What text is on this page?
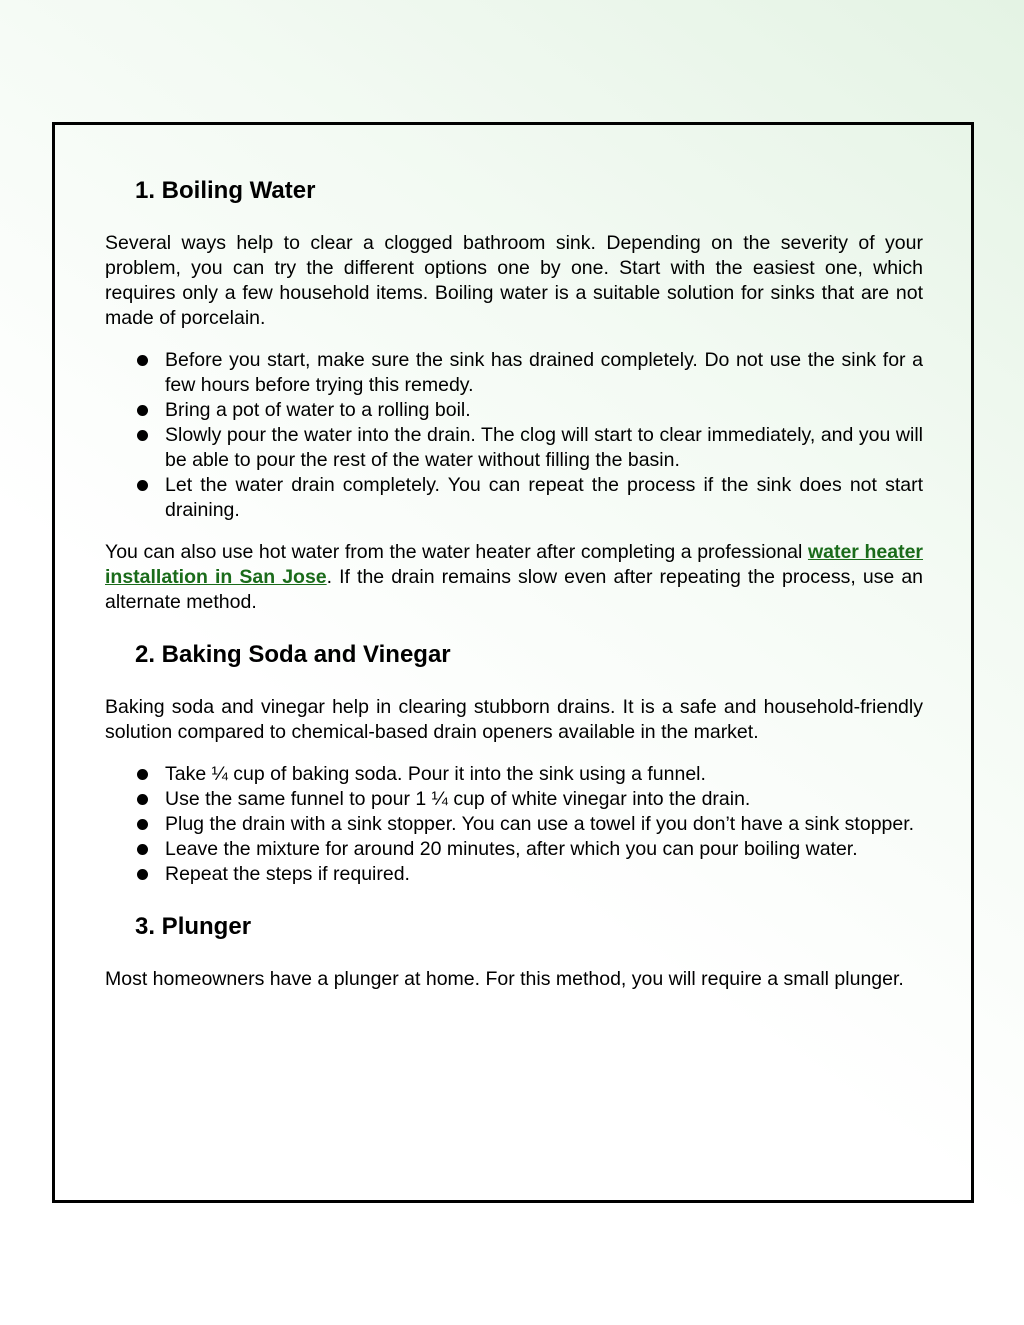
1. Boiling Water

Several ways help to clear a clogged bathroom sink. Depending on the severity of your problem, you can try the different options one by one. Start with the easiest one, which requires only a few household items. Boiling water is a suitable solution for sinks that are not made of porcelain.

Before you start, make sure the sink has drained completely. Do not use the sink for a few hours before trying this remedy.
Bring a pot of water to a rolling boil.
Slowly pour the water into the drain. The clog will start to clear immediately, and you will be able to pour the rest of the water without filling the basin.
Let the water drain completely. You can repeat the process if the sink does not start draining.

You can also use hot water from the water heater after completing a professional water heater installation in San Jose. If the drain remains slow even after repeating the process, use an alternate method.

2. Baking Soda and Vinegar

Baking soda and vinegar help in clearing stubborn drains. It is a safe and household-friendly solution compared to chemical-based drain openers available in the market.

Take ¼ cup of baking soda. Pour it into the sink using a funnel.
Use the same funnel to pour 1 ¼ cup of white vinegar into the drain.
Plug the drain with a sink stopper. You can use a towel if you don’t have a sink stopper.
Leave the mixture for around 20 minutes, after which you can pour boiling water.
Repeat the steps if required.
3. Plunger

Most homeowners have a plunger at home. For this method, you will require a small plunger.
